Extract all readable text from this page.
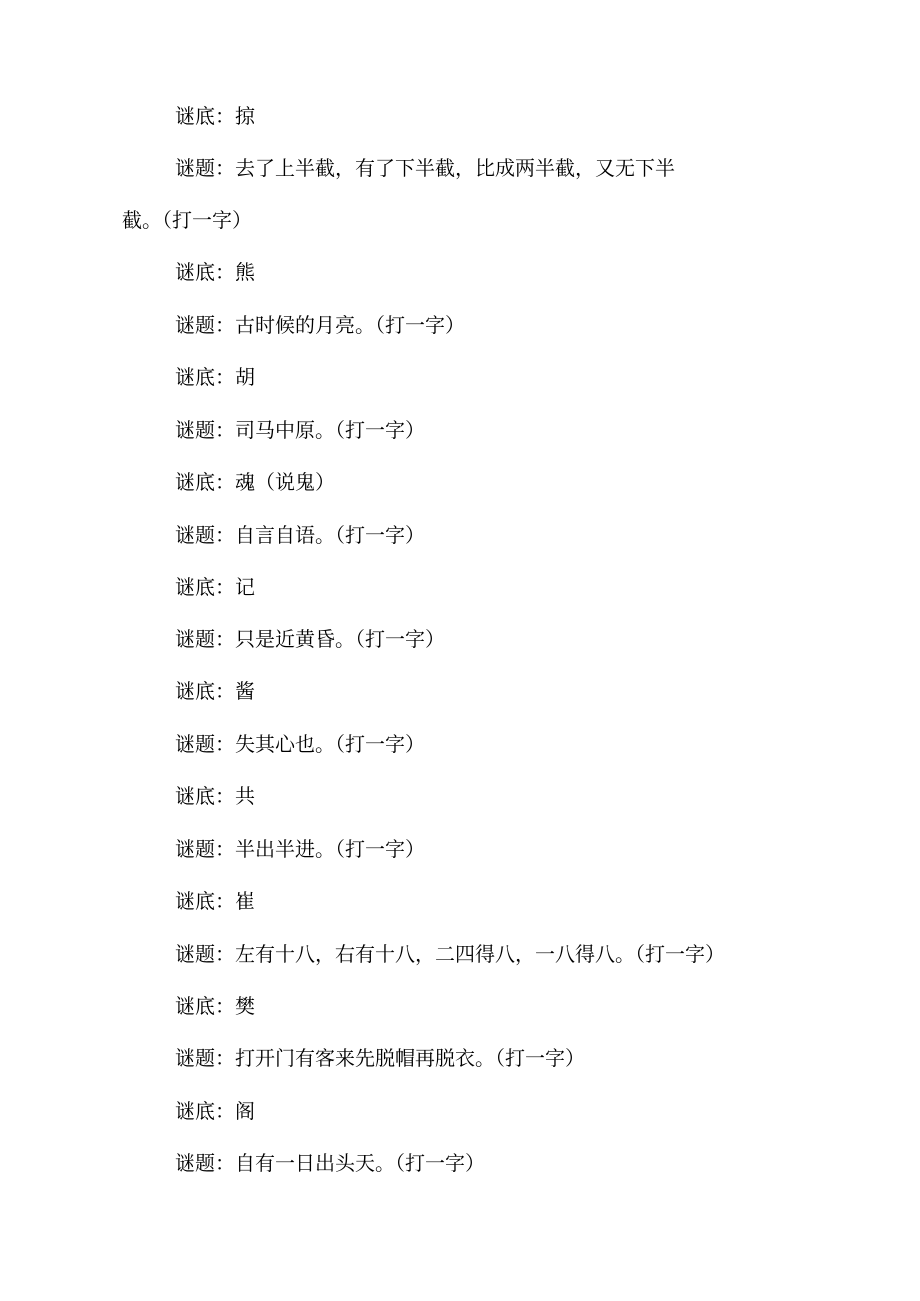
谜底：掠
谜题：去了上半截，有了下半截，比成两半截，又无下半
截。（打一字）
谜底：熊
谜题：古时候的月亮。（打一字）
谜底：胡
谜题：司马中原。（打一字）
谜底：魂（说鬼）
谜题：自言自语。（打一字）
谜底：记
谜题：只是近黄昏。（打一字）
谜底：酱
谜题：失其心也。（打一字）
谜底：共
谜题：半出半进。（打一字）
谜底：崔
谜题：左有十八，右有十八，二四得八，一八得八。（打一字）
谜底：樊
谜题：打开门有客来先脱帽再脱衣。（打一字）
谜底：阁
谜题：自有一日出头天。（打一字）
